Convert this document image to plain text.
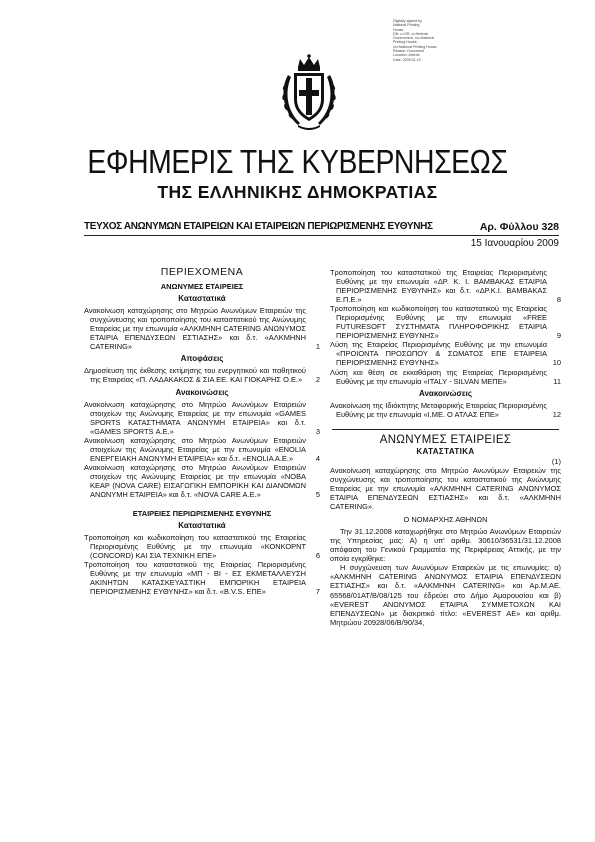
Digitally signed by
National Printing
House
DN: c=GR, o=Hellenic
Government, ou=National
Printing House,
cn=National Printing House
Reason: Document
Location: Athens
Date: 2009.01.15
ΕΦΗΜΕΡΙΣ ΤΗΣ ΚΥΒΕΡΝΗΣΕΩΣ
ΤΗΣ ΕΛΛΗΝΙΚΗΣ ΔΗΜΟΚΡΑΤΙΑΣ
ΤΕΥΧΟΣ ΑΝΩΝΥΜΩΝ ΕΤΑΙΡΕΙΩΝ ΚΑΙ ΕΤΑΙΡΕΙΩΝ ΠΕΡΙΩΡΙΣΜΕΝΗΣ ΕΥΘΥΝΗΣ	Αρ. Φύλλου 328
15 Ιανουαρίου 2009
ΠΕΡΙΕΧΟΜΕΝΑ
ΑΝΩΝΥΜΕΣ ΕΤΑΙΡΕΙΕΣ
Καταστατικά
Ανακοίνωση καταχώρησης στο Μητρώο Ανωνύμων Εταιρειών της συγχώνευσης και τροποποίησης του καταστατικού της Ανώνυμης Εταιρείας με την επωνυμία «ΑΛΚΜΗΝΗ CATERING ΑΝΩΝΥΜΟΣ ΕΤΑΙΡΙΑ ΕΠΕΝΔΥΣΕΩΝ ΕΣΤΙΑΣΗΣ» και δ.τ. «ΑΛΚΜΗΝΗ CATERING»	1
Αποφάσεις
Δημοσίευση της έκθεσης εκτίμησης του ενεργητικού και παθητικού της Εταιρείας «Π. ΛΑΔΑΚΑΚΟΣ & ΣΙΑ ΕΕ. ΚΑΙ ΓΙΟΚΑΡΗΣ Ο.Ε.» 2
Ανακοινώσεις
Ανακοίνωση καταχώρησης στο Μητρώο Ανωνύμων Εταιρειών στοιχείων της Ανώνυμης Εταιρείας με την επωνυμία «GAMES SPORTS ΚΑΤΑΣΤΗΜΑΤΑ ΑΝΩΝΥΜΗ ΕΤΑΙΡΕΙΑ» και δ.τ. «GAMES SPORTS Α.Ε.»	3
Ανακοίνωση καταχώρησης στο Μητρώο Ανωνύμων Εταιρειών στοιχείων της Ανώνυμης Εταιρείας με την επωνυμία «ENOLIA ΕΝΕΡΓΕΙΑΚΗ ΑΝΩΝΥΜΗ ΕΤΑΙΡΕΙΑ» και δ.τ. «ENOLIA A.E.»	4
Ανακοίνωση καταχώρησης στο Μητρώο Ανωνύμων Εταιρειών στοιχείων της Ανώνυμης Εταιρείας με την επωνυμία «NOBA KEAP (NOVA CARE) ΕΙΣΑΓΩΓΙΚΗ ΕΜΠΟΡΙΚΗ ΚΑΙ ΔΙΑΝΟΜΩΝ ΑΝΩΝΥΜΗ ΕΤΑΙΡΕΙΑ» και δ.τ. «NOVA CARE A.E.»	5
ΕΤΑΙΡΕΙΕΣ ΠΕΡΙΩΡΙΣΜΕΝΗΣ ΕΥΘΥΝΗΣ
Καταστατικά
Τροποποίηση και κωδικοποίηση του καταστατικού της Εταιρείας Περιορισμένης Ευθύνης με την επωνυμία «ΚΟΝΚΟΡΝΤ (CONCORD) ΚΑΙ ΣΙΑ ΤΕΧΝΙΚΗ ΕΠΕ»	6
Τροποποίηση του καταστατικού της Εταιρείας Περιορισμένης Ευθύνης με την επωνυμία «ΜΠ - ΒΙ - ΕΣ ΕΚΜΕΤΑΛΛΕΥΣΗ ΑΚΙΝΗΤΩΝ ΚΑΤΑΣΚΕΥΑΣΤΙΚΗ ΕΜΠΟΡΙΚΗ ΕΤΑΙΡΕΙΑ ΠΕΡΙΟΡΙΣΜΕΝΗΣ ΕΥΘΥΝΗΣ» και δ.τ. «B.V.S. ΕΠΕ»	7
Τροποποίηση του καταστατικού της Εταιρείας Περιορισμένης Ευθύνης με την επωνυμία «ΔΡ. Κ. Ι. ΒΑΜΒΑΚΑΣ ΕΤΑΙΡΙΑ ΠΕΡΙΟΡΙΣΜΕΝΗΣ ΕΥΘΥΝΗΣ» και δ.τ. «ΔΡ.Κ.Ι. ΒΑΜΒΑΚΑΣ Ε.Π.Ε.»	8
Τροποποίηση και κωδικοποίηση του καταστατικού της Εταιρείας Περιορισμένης Ευθύνης με την επωνυμία «FREE FUTURESOFT ΣΥΣΤΗΜΑΤΑ ΠΛΗΡΟΦΟΡΙΚΗΣ ΕΤΑΙΡΙΑ ΠΕΡΙΟΡΙΣΜΕΝΗΣ ΕΥΘΥΝΗΣ»	9
Λύση της Εταιρείας Περιορισμένης Ευθύνης με την επωνυμία «ΠΡΟΙΟΝΤΑ ΠΡΟΣΩΠΟΥ & ΣΩΜΑΤΟΣ ΕΠΕ ΕΤΑΙΡΕΙΑ ΠΕΡΙΟΡΙΣΜΕΝΗΣ ΕΥΘΥΝΗΣ»	10
Λύση και θέση σε εκκαθάριση της Εταιρείας Περιορισμένης Ευθύνης με την επωνυμία «ITALY - SILVAN ΜΕΠΕ»	11
Ανακοινώσεις
Ανακοίνωση της Ιδιόκτητης Μεταφορικής Εταιρείας Περιορισμένης Ευθύνης με την επωνυμία «Ι.ΜΕ. Ο ΑΤΛΑΣ ΕΠΕ»	12
ΑΝΩΝΥΜΕΣ ΕΤΑΙΡΕΙΕΣ
ΚΑΤΑΣΤΑΤΙΚΑ
(1)
Ανακοίνωση καταχώρησης στο Μητρώο Ανωνύμων Εταιρειών της συγχώνευσης και τροποποίησης του καταστατικού της Ανώνυμης Εταιρείας με την επωνυμία «ΑΛΚΜΗΝΗ CATERING ΑΝΩΝΥΜΟΣ ΕΤΑΙΡΙΑ ΕΠΕΝΔΥΣΕΩΝ ΕΣΤΙΑΣΗΣ» και δ.τ. «ΑΛΚΜΗΝΗ CATERING».
Ο ΝΟΜΑΡΧΗΣ ΑΘΗΝΩΝ
Την 31.12.2008 καταχωρήθηκε στο Μητρώο Ανωνύμων Εταιρειών της Υπηρεσίας μας: Α) η υπ' αριθμ. 30610/36531/31.12.2008 απόφαση του Γενικού Γραμματέα της Περιφέρειας Αττικής, με την οποία εγκρίθηκε:
Η συγχώνευση των Ανωνύμων Εταιρειών με τις επωνυμίες: α) «ΑΛΚΜΗΝΗ CATERING ΑΝΩΝΥΜΟΣ ΕΤΑΙΡΙΑ ΕΠΕΝΔΥΣΕΩΝ ΕΣΤΙΑΣΗΣ» και δ.τ. «ΑΛΚΜΗΝΗ CATERING» και Αρ.Μ.ΑΕ. 65568/01ΑΤ/Β/08/125 του έδρεύει στο Δήμο Αμαρουσίου και β) «EVEREST ΑΝΩΝΥΜΟΣ ΕΤΑΙΡΙΑ ΣΥΜΜΕΤΟΧΩΝ ΚΑΙ ΕΠΕΝΔΥΣΕΩΝ» με διακριτικό τίτλο: «EVEREST ΑΕ» και αριθμ. Μητρώου 20928/06/Β/90/34,
